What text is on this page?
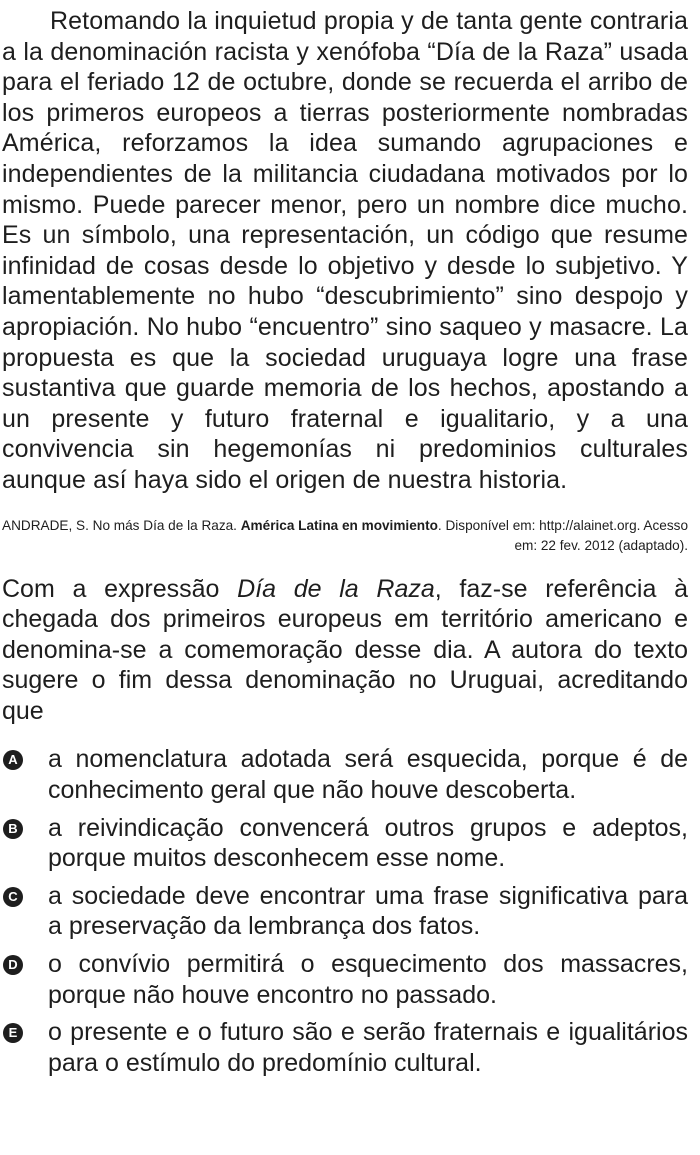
Retomando la inquietud propia y de tanta gente contraria a la denominación racista y xenófoba “Día de la Raza” usada para el feriado 12 de octubre, donde se recuerda el arribo de los primeros europeos a tierras posteriormente nombradas América, reforzamos la idea sumando agrupaciones e independientes de la militancia ciudadana motivados por lo mismo. Puede parecer menor, pero un nombre dice mucho. Es un símbolo, una representación, un código que resume infinidad de cosas desde lo objetivo y desde lo subjetivo. Y lamentablemente no hubo “descubrimiento” sino despojo y apropiación. No hubo “encuentro” sino saqueo y masacre. La propuesta es que la sociedad uruguaya logre una frase sustantiva que guarde memoria de los hechos, apostando a un presente y futuro fraternal e igualitario, y a una convivencia sin hegemonías ni predominios culturales aunque así haya sido el origen de nuestra historia.

ANDRADE, S. No más Día de la Raza. América Latina en movimiento. Disponível em: http://alainet.org. Acesso em: 22 fev. 2012 (adaptado).

Com a expressão Día de la Raza, faz-se referência à chegada dos primeiros europeus em território americano e denomina-se a comemoração desse dia. A autora do texto sugere o fim dessa denominação no Uruguai, acreditando que

A a nomenclatura adotada será esquecida, porque é de conhecimento geral que não houve descoberta.
B a reivindicação convencerá outros grupos e adeptos, porque muitos desconhecem esse nome.
C a sociedade deve encontrar uma frase significativa para a preservação da lembrança dos fatos.
D o convívio permitirá o esquecimento dos massacres, porque não houve encontro no passado.
E o presente e o futuro são e serão fraternais e igualitários para o estímulo do predomínio cultural.
